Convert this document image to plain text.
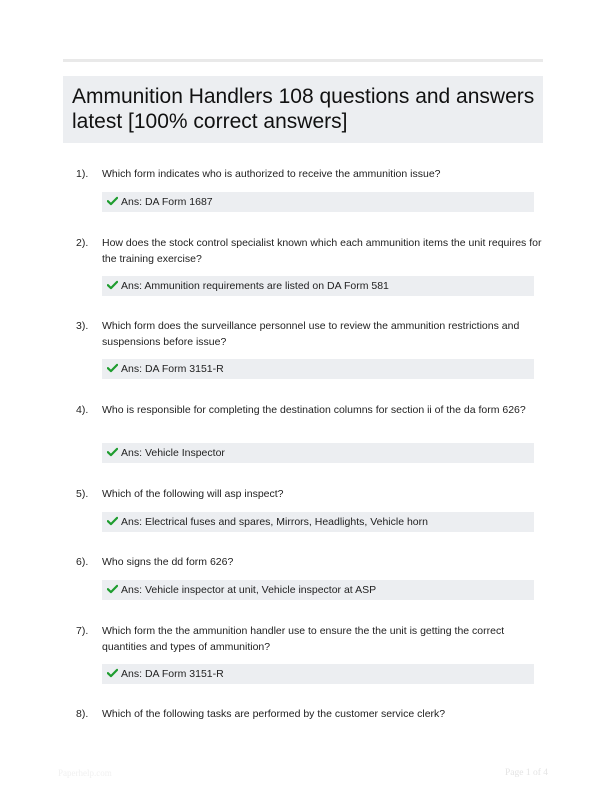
Ammunition Handlers 108 questions and answers latest [100% correct answers]
1). Which form indicates who is authorized to receive the ammunition issue?
Ans: DA Form 1687
2). How does the stock control specialist known which each ammunition items the unit requires for the training exercise?
Ans: Ammunition requirements are listed on DA Form 581
3). Which form does the surveillance personnel use to review the ammunition restrictions and suspensions before issue?
Ans: DA Form 3151-R
4). Who is responsible for completing the destination columns for section ii of the da form 626?
Ans: Vehicle Inspector
5). Which of the following will asp inspect?
Ans: Electrical fuses and spares, Mirrors, Headlights, Vehicle horn
6). Who signs the dd form 626?
Ans: Vehicle inspector at unit, Vehicle inspector at ASP
7). Which form the the ammunition handler use to ensure the the unit is getting the correct quantities and types of ammunition?
Ans: DA Form 3151-R
8). Which of the following tasks are performed by the customer service clerk?
Paperhelp.com	Page 1 of 4
